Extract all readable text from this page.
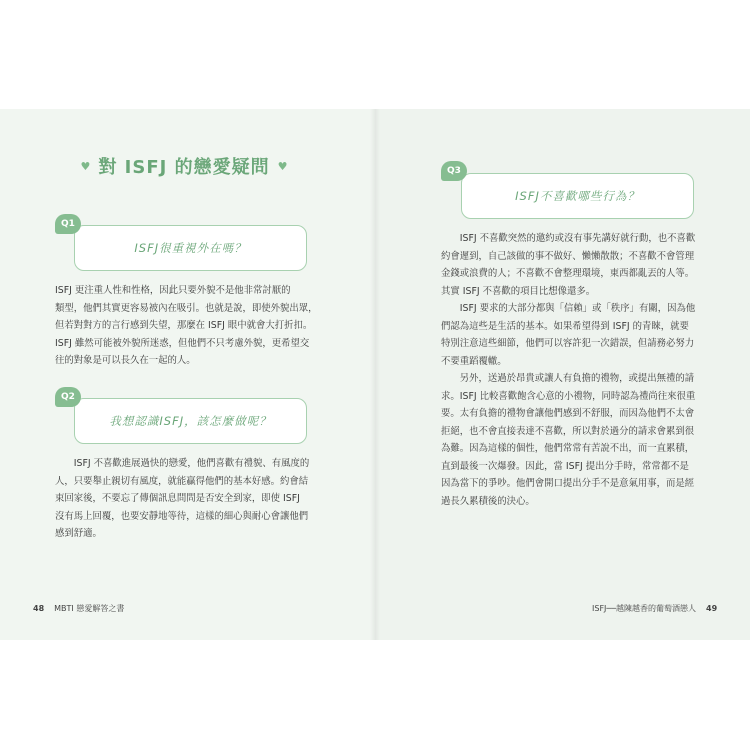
♥ 對 ISFJ 的戀愛疑問 ♥
ISFJ很重視外在嗎？
Q1

ISFJ 更注重人性和性格，因此只要外貌不是他非常討厭的
類型，他們其實更容易被內在吸引。也就是說，即使外貌出眾，
但若對對方的言行感到失望，那麼在 ISFJ 眼中就會大打折扣。
ISFJ 雖然可能被外貌所迷惑，但他們不只考慮外貌，更希望交
往的對象是可以長久在一起的人。

我想認識ISFJ，該怎麼做呢？
Q2

ISFJ 不喜歡進展過快的戀愛，他們喜歡有禮貌、有風度的
人，只要舉止親切有風度，就能贏得他們的基本好感。約會結
束回家後，不要忘了傳個訊息問問是否安全到家，即使 ISFJ
沒有馬上回覆，也要安靜地等待，這樣的細心與耐心會讓他們
感到舒適。

48 MBTI 戀愛解答之書
ISFJ不喜歡哪些行為？
Q3

ISFJ 不喜歡突然的邀約或沒有事先講好就行動，也不喜歡
約會遲到，自己該做的事不做好、懶懶散散；不喜歡不會管理
金錢或浪費的人；不喜歡不會整理環境，東西都亂丟的人等。
其實 ISFJ 不喜歡的項目比想像還多。

ISFJ 要求的大部分都與「信賴」或「秩序」有關，因為他
們認為這些是生活的基本。如果希望得到 ISFJ 的青睞，就要
特別注意這些細節，他們可以容許犯一次錯誤，但請務必努力
不要重蹈覆轍。

另外，送過於昂貴或讓人有負擔的禮物，或提出無禮的請
求。ISFJ 比較喜歡飽含心意的小禮物，同時認為禮尚往來很重
要。太有負擔的禮物會讓他們感到不舒服，而因為他們不太會
拒絕，也不會直接表達不喜歡，所以對於過分的請求會累到很
為難。因為這樣的個性，他們常常有苦說不出，而一直累積，
直到最後一次爆發。因此，當 ISFJ 提出分手時，常常都不是
因為當下的爭吵。他們會開口提出分手不是意氣用事，而是經
過長久累積後的決心。

ISFJ──越陳越香的葡萄酒戀人 49
